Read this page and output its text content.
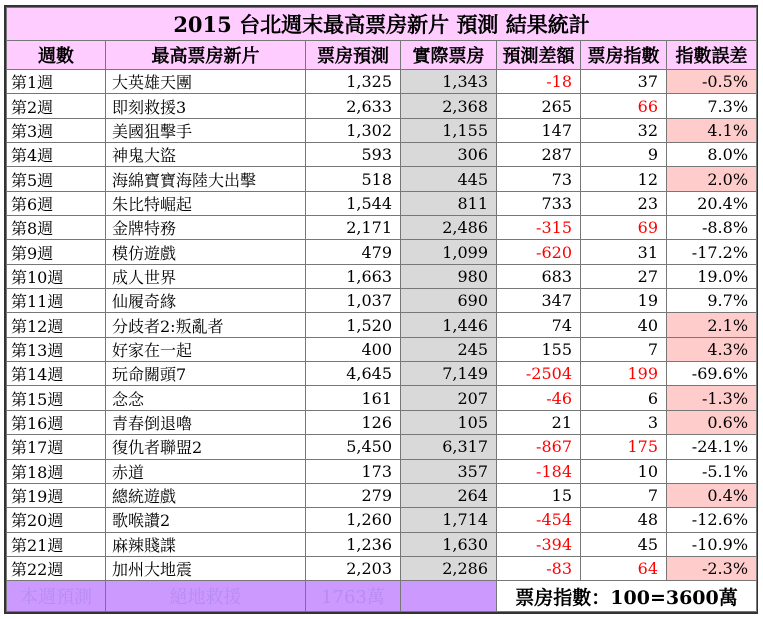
2015 台北週末最高票房新片 預測 結果統計						
週數	最高票房新片	票房預測	實際票房	預測差額	票房指數	指數誤差
第1週	大英雄天團	1,325	1,343	-18	37	-0.5%
第2週	即刻救援3	2,633	2,368	265	66	7.3%
第3週	美國狙擊手	1,302	1,155	147	32	4.1%
第4週	神鬼大盜	593	306	287	9	8.0%
第5週	海綿寶寶海陸大出擊	518	445	73	12	2.0%
第6週	朱比特崛起	1,544	811	733	23	20.4%
第8週	金牌特務	2,171	2,486	-315	69	-8.8%
第9週	模仿遊戲	479	1,099	-620	31	-17.2%
第10週	成人世界	1,663	980	683	27	19.0%
第11週	仙履奇緣	1,037	690	347	19	9.7%
第12週	分歧者2:叛亂者	1,520	1,446	74	40	2.1%
第13週	好家在一起	400	245	155	7	4.3%
第14週	玩命關頭7	4,645	7,149	-2504	199	-69.6%
第15週	念念	161	207	-46	6	-1.3%
第16週	青春倒退嚕	126	105	21	3	0.6%
第17週	復仇者聯盟2	5,450	6,317	-867	175	-24.1%
第18週	赤道	173	357	-184	10	-5.1%
第19週	總統遊戲	279	264	15	7	0.4%
第20週	歌喉讚2	1,260	1,714	-454	48	-12.6%
第21週	麻辣賤諜	1,236	1,630	-394	45	-10.9%
第22週	加州大地震	2,203	2,286	-83	64	-2.3%
本週預測	絕地救援	1763萬		票房指數：100=3600萬		
